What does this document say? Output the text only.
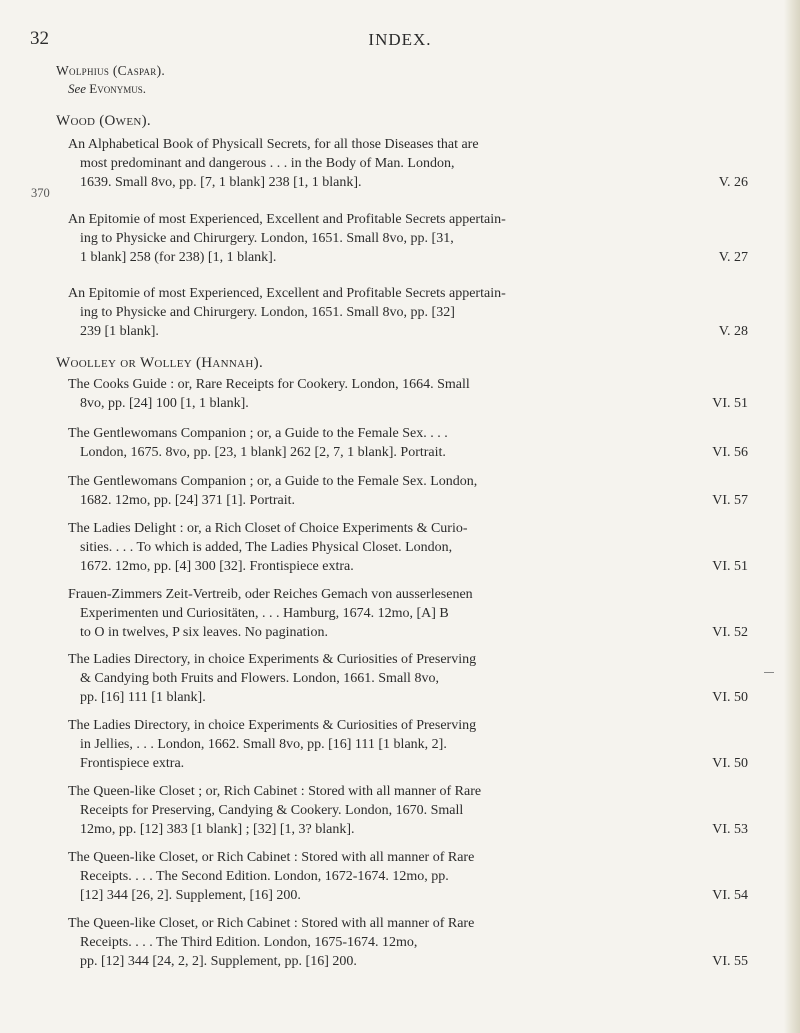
32	INDEX.
370
Wolphius (Caspar).
See Evonymus.
Wood (Owen).
An Alphabetical Book of Physicall Secrets, for all those Diseases that are
most predominant and dangerous . . . in the Body of Man. London,
1639. Small 8vo, pp. [7, 1 blank] 238 [1, 1 blank].	V. 26
An Epitomie of most Experienced, Excellent and Profitable Secrets appertain-
ing to Physicke and Chirurgery. London, 1651. Small 8vo, pp. [31,
1 blank] 258 (for 238) [1, 1 blank].	V. 27
An Epitomie of most Experienced, Excellent and Profitable Secrets appertain-
ing to Physicke and Chirurgery. London, 1651. Small 8vo, pp. [32]
239 [1 blank].	V. 28
Woolley or Wolley (Hannah).
The Cooks Guide : or, Rare Receipts for Cookery. London, 1664. Small
8vo, pp. [24] 100 [1, 1 blank].	VI. 51
The Gentlewomans Companion ; or, a Guide to the Female Sex. . . .
London, 1675. 8vo, pp. [23, 1 blank] 262 [2, 7, 1 blank]. Portrait.	VI. 56
The Gentlewomans Companion ; or, a Guide to the Female Sex. London,
1682. 12mo, pp. [24] 371 [1]. Portrait.	VI. 57
The Ladies Delight : or, a Rich Closet of Choice Experiments & Curio-
sities. . . . To which is added, The Ladies Physical Closet. London,
1672. 12mo, pp. [4] 300 [32]. Frontispiece extra.	VI. 51
Frauen-Zimmers Zeit-Vertreib, oder Reiches Gemach von ausserlesenen
Experimenten und Curiositäten, . . . Hamburg, 1674. 12mo, [A] B
to O in twelves, P six leaves. No pagination.	VI. 52
The Ladies Directory, in choice Experiments & Curiosities of Preserving
& Candying both Fruits and Flowers. London, 1661. Small 8vo,
pp. [16] 111 [1 blank].	VI. 50
The Ladies Directory, in choice Experiments & Curiosities of Preserving
in Jellies, . . . London, 1662. Small 8vo, pp. [16] 111 [1 blank, 2].
Frontispiece extra.	VI. 50
The Queen-like Closet ; or, Rich Cabinet : Stored with all manner of Rare
Receipts for Preserving, Candying & Cookery. London, 1670. Small
12mo, pp. [12] 383 [1 blank] ; [32] [1, 3? blank].	VI. 53
The Queen-like Closet, or Rich Cabinet : Stored with all manner of Rare
Receipts. . . . The Second Edition. London, 1672-1674. 12mo, pp.
[12] 344 [26, 2]. Supplement, [16] 200.	VI. 54
The Queen-like Closet, or Rich Cabinet : Stored with all manner of Rare
Receipts. . . . The Third Edition. London, 1675-1674. 12mo,
pp. [12] 344 [24, 2, 2]. Supplement, pp. [16] 200.	VI. 55
